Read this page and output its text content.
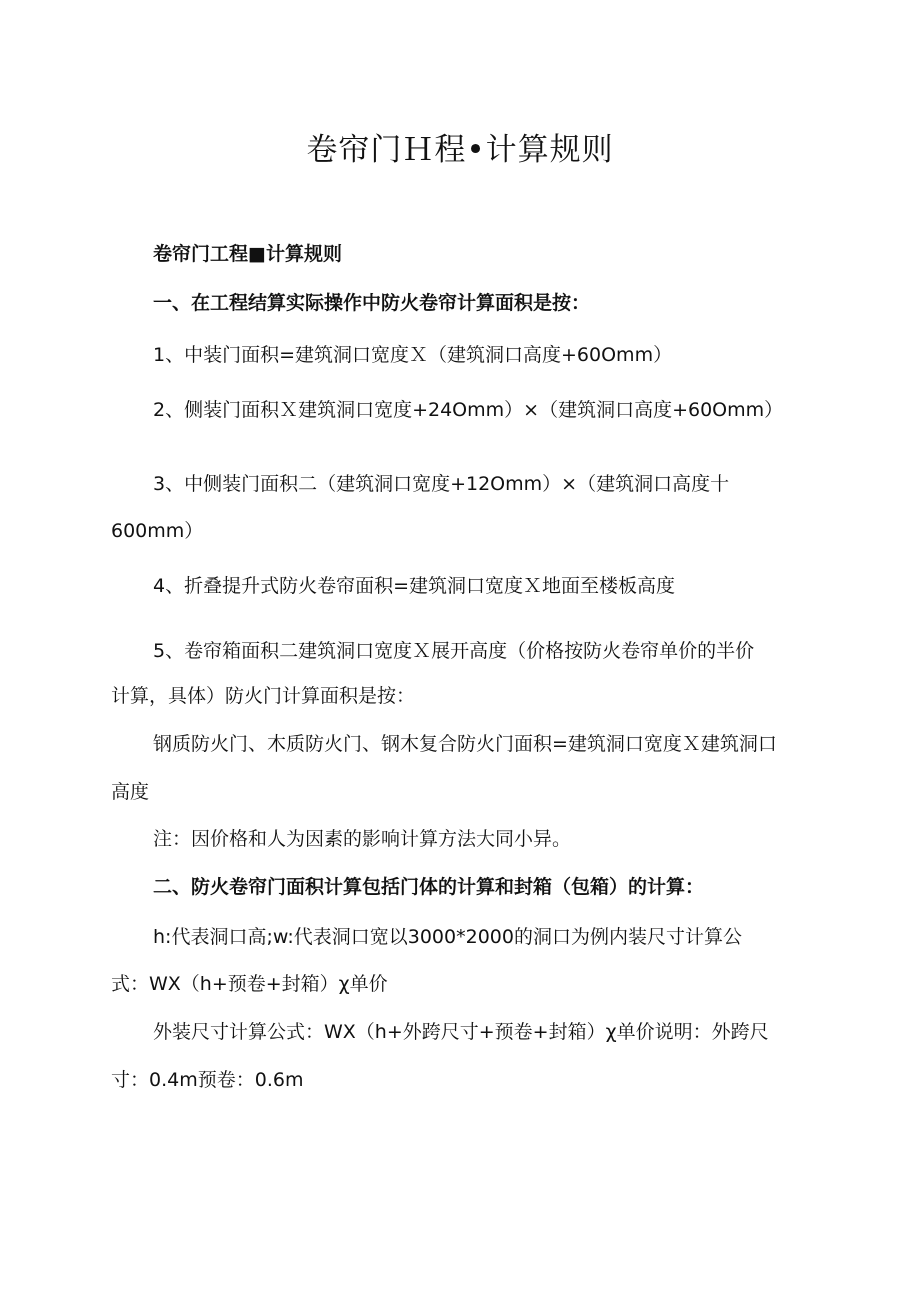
卷帘门Ｈ程•计算规则

卷帘门工程■计算规则

一、在工程结算实际操作中防火卷帘计算面积是按：

1、中装门面积=建筑洞口宽度Ｘ（建筑洞口高度+60Omm）

2、侧装门面积Ｘ建筑洞口宽度+24Omm）×（建筑洞口高度+60Omm）

3、中侧装门面积二（建筑洞口宽度+12Omm）×（建筑洞口高度十

600mm）

4、折叠提升式防火卷帘面积=建筑洞口宽度Ｘ地面至楼板高度

5、卷帘箱面积二建筑洞口宽度Ｘ展开高度（价格按防火卷帘单价的半价

计算，具体）防火门计算面积是按：

钢质防火门、木质防火门、钢木复合防火门面积=建筑洞口宽度Ｘ建筑洞口

高度

注：因价格和人为因素的影响计算方法大同小异。

二、防火卷帘门面积计算包括门体的计算和封箱（包箱）的计算：

h:代表洞口高;w:代表洞口宽以3000*2000的洞口为例内装尺寸计算公

式：WX（h+预卷+封箱）χ单价

外装尺寸计算公式：WX（h+外跨尺寸+预卷+封箱）χ单价说明：外跨尺

寸：0.4m预卷：0.6m
